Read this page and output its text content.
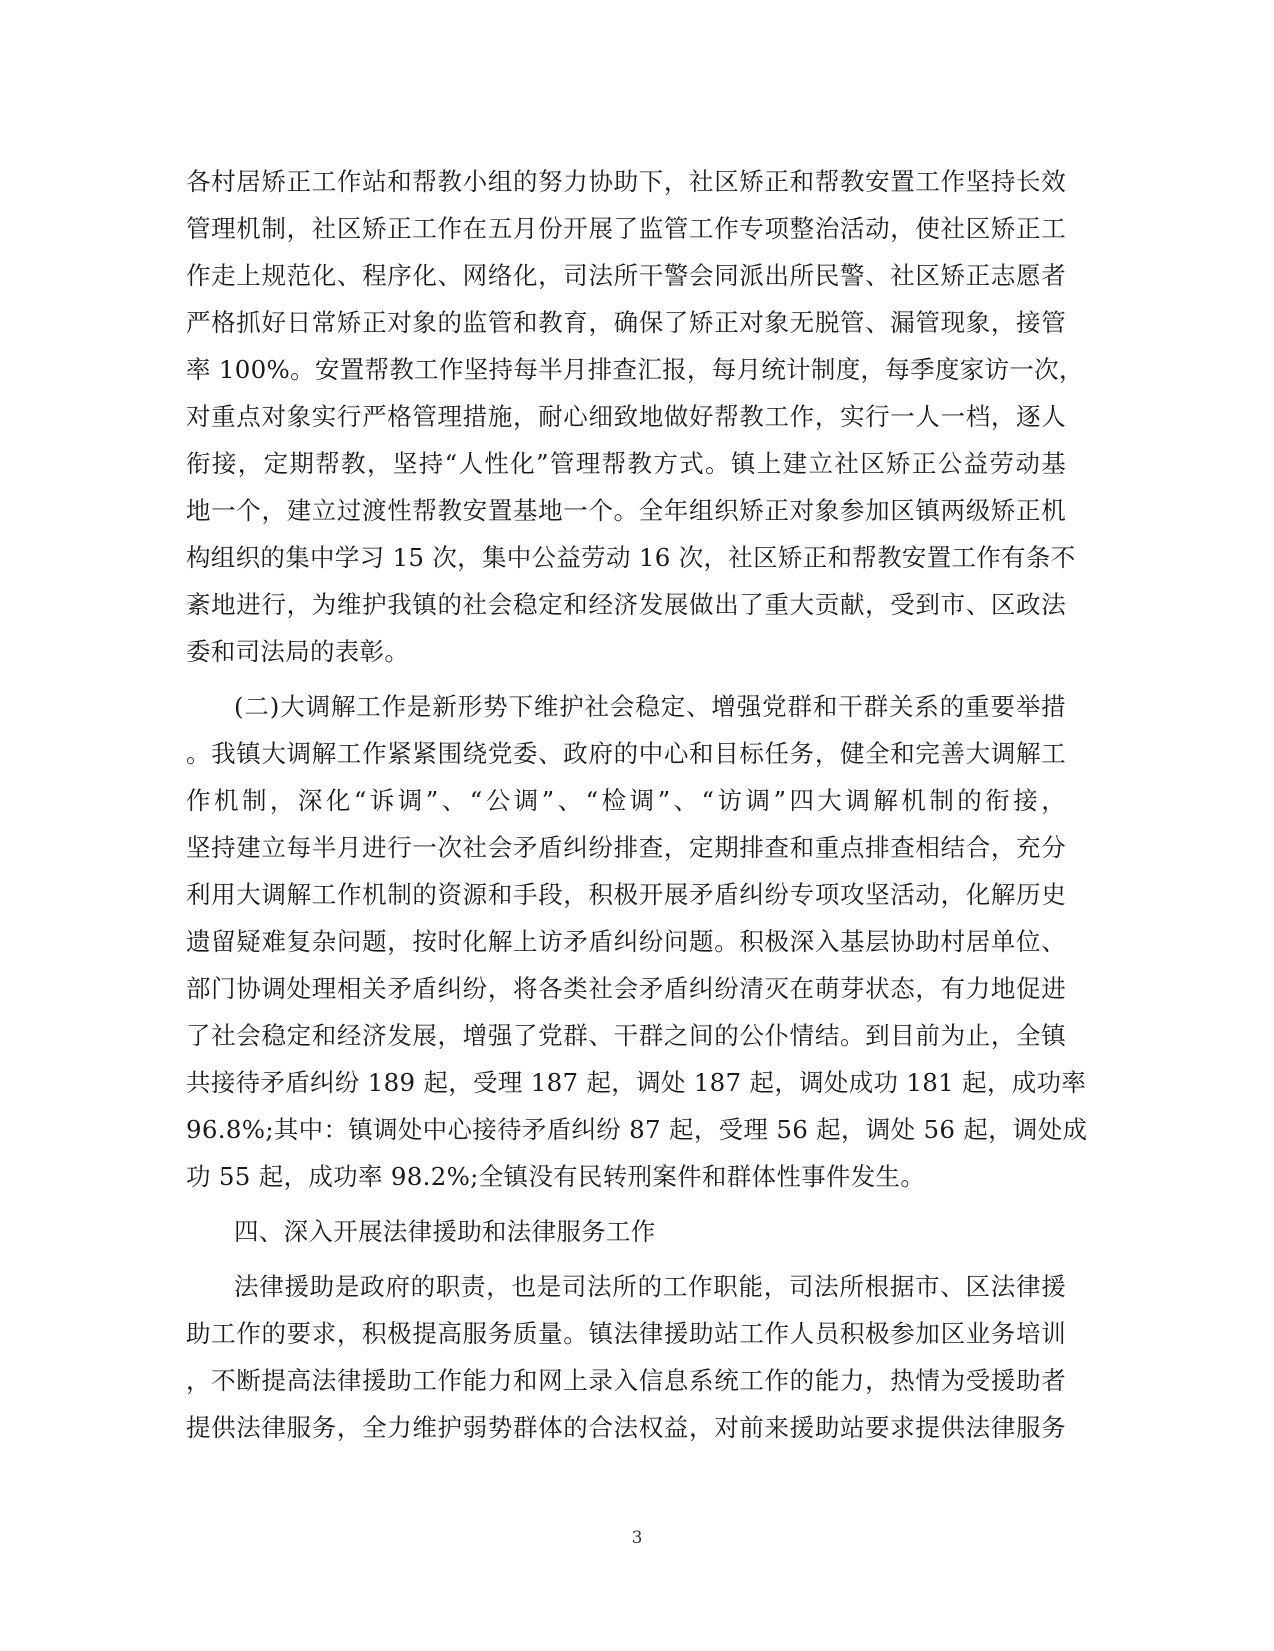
各村居矫正工作站和帮教小组的努力协助下，社区矫正和帮教安置工作坚持长效
管理机制，社区矫正工作在五月份开展了监管工作专项整治活动，使社区矫正工
作走上规范化、程序化、网络化，司法所干警会同派出所民警、社区矫正志愿者
严格抓好日常矫正对象的监管和教育，确保了矫正对象无脱管、漏管现象，接管
率 100%。安置帮教工作坚持每半月排查汇报，每月统计制度，每季度家访一次，
对重点对象实行严格管理措施，耐心细致地做好帮教工作，实行一人一档，逐人
衔接，定期帮教，坚持“人性化”管理帮教方式。镇上建立社区矫正公益劳动基
地一个，建立过渡性帮教安置基地一个。全年组织矫正对象参加区镇两级矫正机
构组织的集中学习 15 次，集中公益劳动 16 次，社区矫正和帮教安置工作有条不
紊地进行，为维护我镇的社会稳定和经济发展做出了重大贡献，受到市、区政法
委和司法局的表彰。
(二)大调解工作是新形势下维护社会稳定、增强党群和干群关系的重要举措
。我镇大调解工作紧紧围绕党委、政府的中心和目标任务，健全和完善大调解工
作机制，深化“诉调”、“公调”、“检调”、“访调”四大调解机制的衔接，
坚持建立每半月进行一次社会矛盾纠纷排查，定期排查和重点排查相结合，充分
利用大调解工作机制的资源和手段，积极开展矛盾纠纷专项攻坚活动，化解历史
遗留疑难复杂问题，按时化解上访矛盾纠纷问题。积极深入基层协助村居单位、
部门协调处理相关矛盾纠纷，将各类社会矛盾纠纷清灭在萌芽状态，有力地促进
了社会稳定和经济发展，增强了党群、干群之间的公仆情结。到目前为止，全镇
共接待矛盾纠纷 189 起，受理 187 起，调处 187 起，调处成功 181 起，成功率
96.8%;其中：镇调处中心接待矛盾纠纷 87 起，受理 56 起，调处 56 起，调处成
功 55 起，成功率 98.2%;全镇没有民转刑案件和群体性事件发生。
四、深入开展法律援助和法律服务工作
法律援助是政府的职责，也是司法所的工作职能，司法所根据市、区法律援
助工作的要求，积极提高服务质量。镇法律援助站工作人员积极参加区业务培训
，不断提高法律援助工作能力和网上录入信息系统工作的能力，热情为受援助者
提供法律服务，全力维护弱势群体的合法权益，对前来援助站要求提供法律服务
3
